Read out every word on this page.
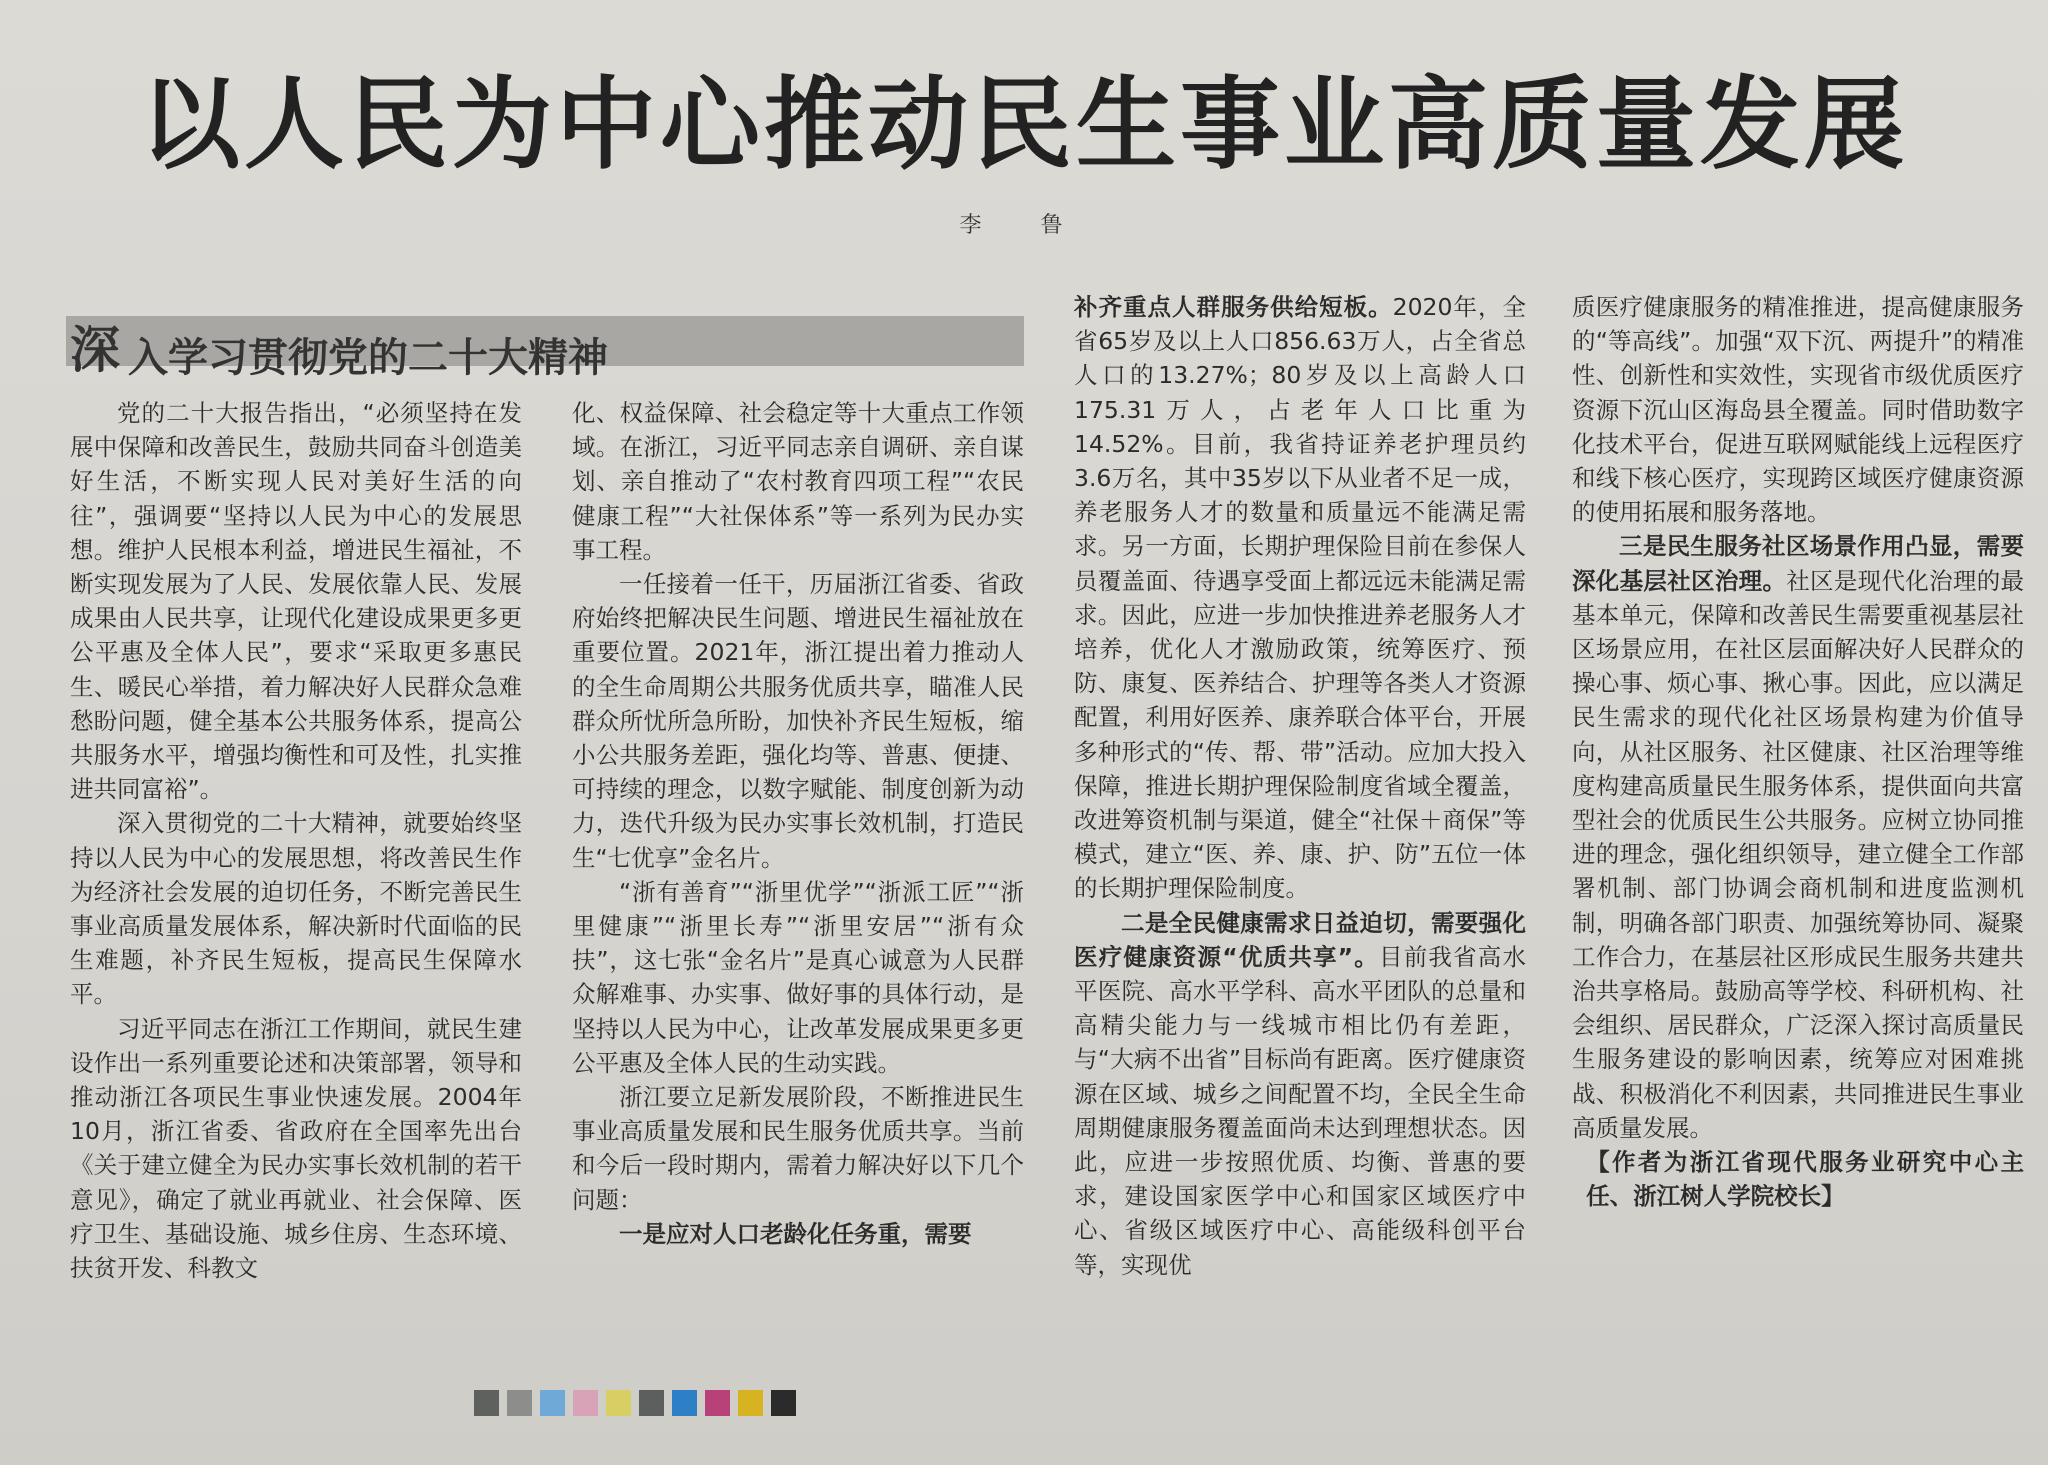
以人民为中心推动民生事业高质量发展
李 鲁
深 入学习贯彻党的二十大精神

党的二十大报告指出，“必须坚持在发展中保障和改善民生，鼓励共同奋斗创造美好生活，不断实现人民对美好生活的向往”，强调要“坚持以人民为中心的发展思想。维护人民根本利益，增进民生福祉，不断实现发展为了人民、发展依靠人民、发展成果由人民共享，让现代化建设成果更多更公平惠及全体人民”，要求“采取更多惠民生、暖民心举措，着力解决好人民群众急难愁盼问题，健全基本公共服务体系，提高公共服务水平，增强均衡性和可及性，扎实推进共同富裕”。

深入贯彻党的二十大精神，就要始终坚持以人民为中心的发展思想，将改善民生作为经济社会发展的迫切任务，不断完善民生事业高质量发展体系，解决新时代面临的民生难题，补齐民生短板，提高民生保障水平。

习近平同志在浙江工作期间，就民生建设作出一系列重要论述和决策部署，领导和推动浙江各项民生事业快速发展。2004年10月，浙江省委、省政府在全国率先出台《关于建立健全为民办实事长效机制的若干意见》，确定了就业再就业、社会保障、医疗卫生、基础设施、城乡住房、生态环境、扶贫开发、科教文

化、权益保障、社会稳定等十大重点工作领域。在浙江，习近平同志亲自调研、亲自谋划、亲自推动了“农村教育四项工程”“农民健康工程”“大社保体系”等一系列为民办实事工程。

一任接着一任干，历届浙江省委、省政府始终把解决民生问题、增进民生福祉放在重要位置。2021年，浙江提出着力推动人的全生命周期公共服务优质共享，瞄准人民群众所忧所急所盼，加快补齐民生短板，缩小公共服务差距，强化均等、普惠、便捷、可持续的理念，以数字赋能、制度创新为动力，迭代升级为民办实事长效机制，打造民生“七优享”金名片。

“浙有善育”“浙里优学”“浙派工匠”“浙里健康”“浙里长寿”“浙里安居”“浙有众扶”，这七张“金名片”是真心诚意为人民群众解难事、办实事、做好事的具体行动，是坚持以人民为中心，让改革发展成果更多更公平惠及全体人民的生动实践。

浙江要立足新发展阶段，不断推进民生事业高质量发展和民生服务优质共享。当前和今后一段时期内，需着力解决好以下几个问题：

一是应对人口老龄化任务重，需要

补齐重点人群服务供给短板。2020年，全省65岁及以上人口856.63万人，占全省总人口的13.27%；80岁及以上高龄人口175.31万人，占老年人口比重为14.52%。目前，我省持证养老护理员约3.6万名，其中35岁以下从业者不足一成，养老服务人才的数量和质量远不能满足需求。另一方面，长期护理保险目前在参保人员覆盖面、待遇享受面上都远远未能满足需求。因此，应进一步加快推进养老服务人才培养，优化人才激励政策，统筹医疗、预防、康复、医养结合、护理等各类人才资源配置，利用好医养、康养联合体平台，开展多种形式的“传、帮、带”活动。应加大投入保障，推进长期护理保险制度省域全覆盖，改进筹资机制与渠道，健全“社保＋商保”等模式，建立“医、养、康、护、防”五位一体的长期护理保险制度。

二是全民健康需求日益迫切，需要强化医疗健康资源“优质共享”。目前我省高水平医院、高水平学科、高水平团队的总量和高精尖能力与一线城市相比仍有差距，与“大病不出省”目标尚有距离。医疗健康资源在区域、城乡之间配置不均，全民全生命周期健康服务覆盖面尚未达到理想状态。因此，应进一步按照优质、均衡、普惠的要求，建设国家医学中心和国家区域医疗中心、省级区域医疗中心、高能级科创平台等，实现优

质医疗健康服务的精准推进，提高健康服务的“等高线”。加强“双下沉、两提升”的精准性、创新性和实效性，实现省市级优质医疗资源下沉山区海岛县全覆盖。同时借助数字化技术平台，促进互联网赋能线上远程医疗和线下核心医疗，实现跨区域医疗健康资源的使用拓展和服务落地。

三是民生服务社区场景作用凸显，需要深化基层社区治理。社区是现代化治理的最基本单元，保障和改善民生需要重视基层社区场景应用，在社区层面解决好人民群众的操心事、烦心事、揪心事。因此，应以满足民生需求的现代化社区场景构建为价值导向，从社区服务、社区健康、社区治理等维度构建高质量民生服务体系，提供面向共富型社会的优质民生公共服务。应树立协同推进的理念，强化组织领导，建立健全工作部署机制、部门协调会商机制和进度监测机制，明确各部门职责、加强统筹协同、凝聚工作合力，在基层社区形成民生服务共建共治共享格局。鼓励高等学校、科研机构、社会组织、居民群众，广泛深入探讨高质量民生服务建设的影响因素，统筹应对困难挑战、积极消化不利因素，共同推进民生事业高质量发展。

【作者为浙江省现代服务业研究中心主任、浙江树人学院校长】
